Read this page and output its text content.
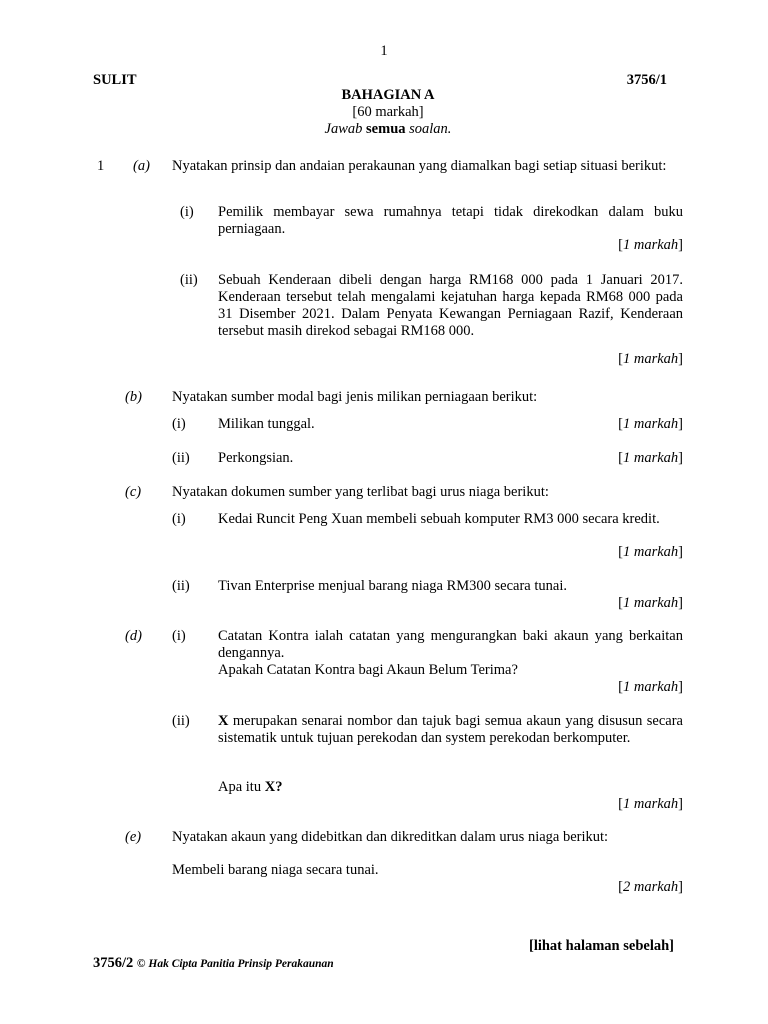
1
SULIT	3756/1
BAHAGIAN A
[60 markah]
Jawab semua soalan.
1 (a) Nyatakan prinsip dan andaian perakaunan yang diamalkan bagi setiap situasi berikut:
(i) Pemilik membayar sewa rumahnya tetapi tidak direkodkan dalam buku perniagaan.
[1 markah]
(ii) Sebuah Kenderaan dibeli dengan harga RM168 000 pada 1 Januari 2017. Kenderaan tersebut telah mengalami kejatuhan harga kepada RM68 000 pada 31 Disember 2021. Dalam Penyata Kewangan Perniagaan Razif, Kenderaan tersebut masih direkod sebagai RM168 000.
[1 markah]
(b) Nyatakan sumber modal bagi jenis milikan perniagaan berikut:
(i) Milikan tunggal.	[1 markah]
(ii) Perkongsian.	[1 markah]
(c) Nyatakan dokumen sumber yang terlibat bagi urus niaga berikut:
(i) Kedai Runcit Peng Xuan membeli sebuah komputer RM3 000 secara kredit.
[1 markah]
(ii) Tivan Enterprise menjual barang niaga RM300 secara tunai.
[1 markah]
(d) (i) Catatan Kontra ialah catatan yang mengurangkan baki akaun yang berkaitan dengannya.
Apakah Catatan Kontra bagi Akaun Belum Terima?
[1 markah]
(ii) X merupakan senarai nombor dan tajuk bagi semua akaun yang disusun secara sistematik untuk tujuan perekodan dan system perekodan berkomputer.
Apa itu X?
[1 markah]
(e) Nyatakan akaun yang didebitkan dan dikreditkan dalam urus niaga berikut:
Membeli barang niaga secara tunai.
[2 markah]
[lihat halaman sebelah]
3756/2 © Hak Cipta Panitia Prinsip Perakaunan
